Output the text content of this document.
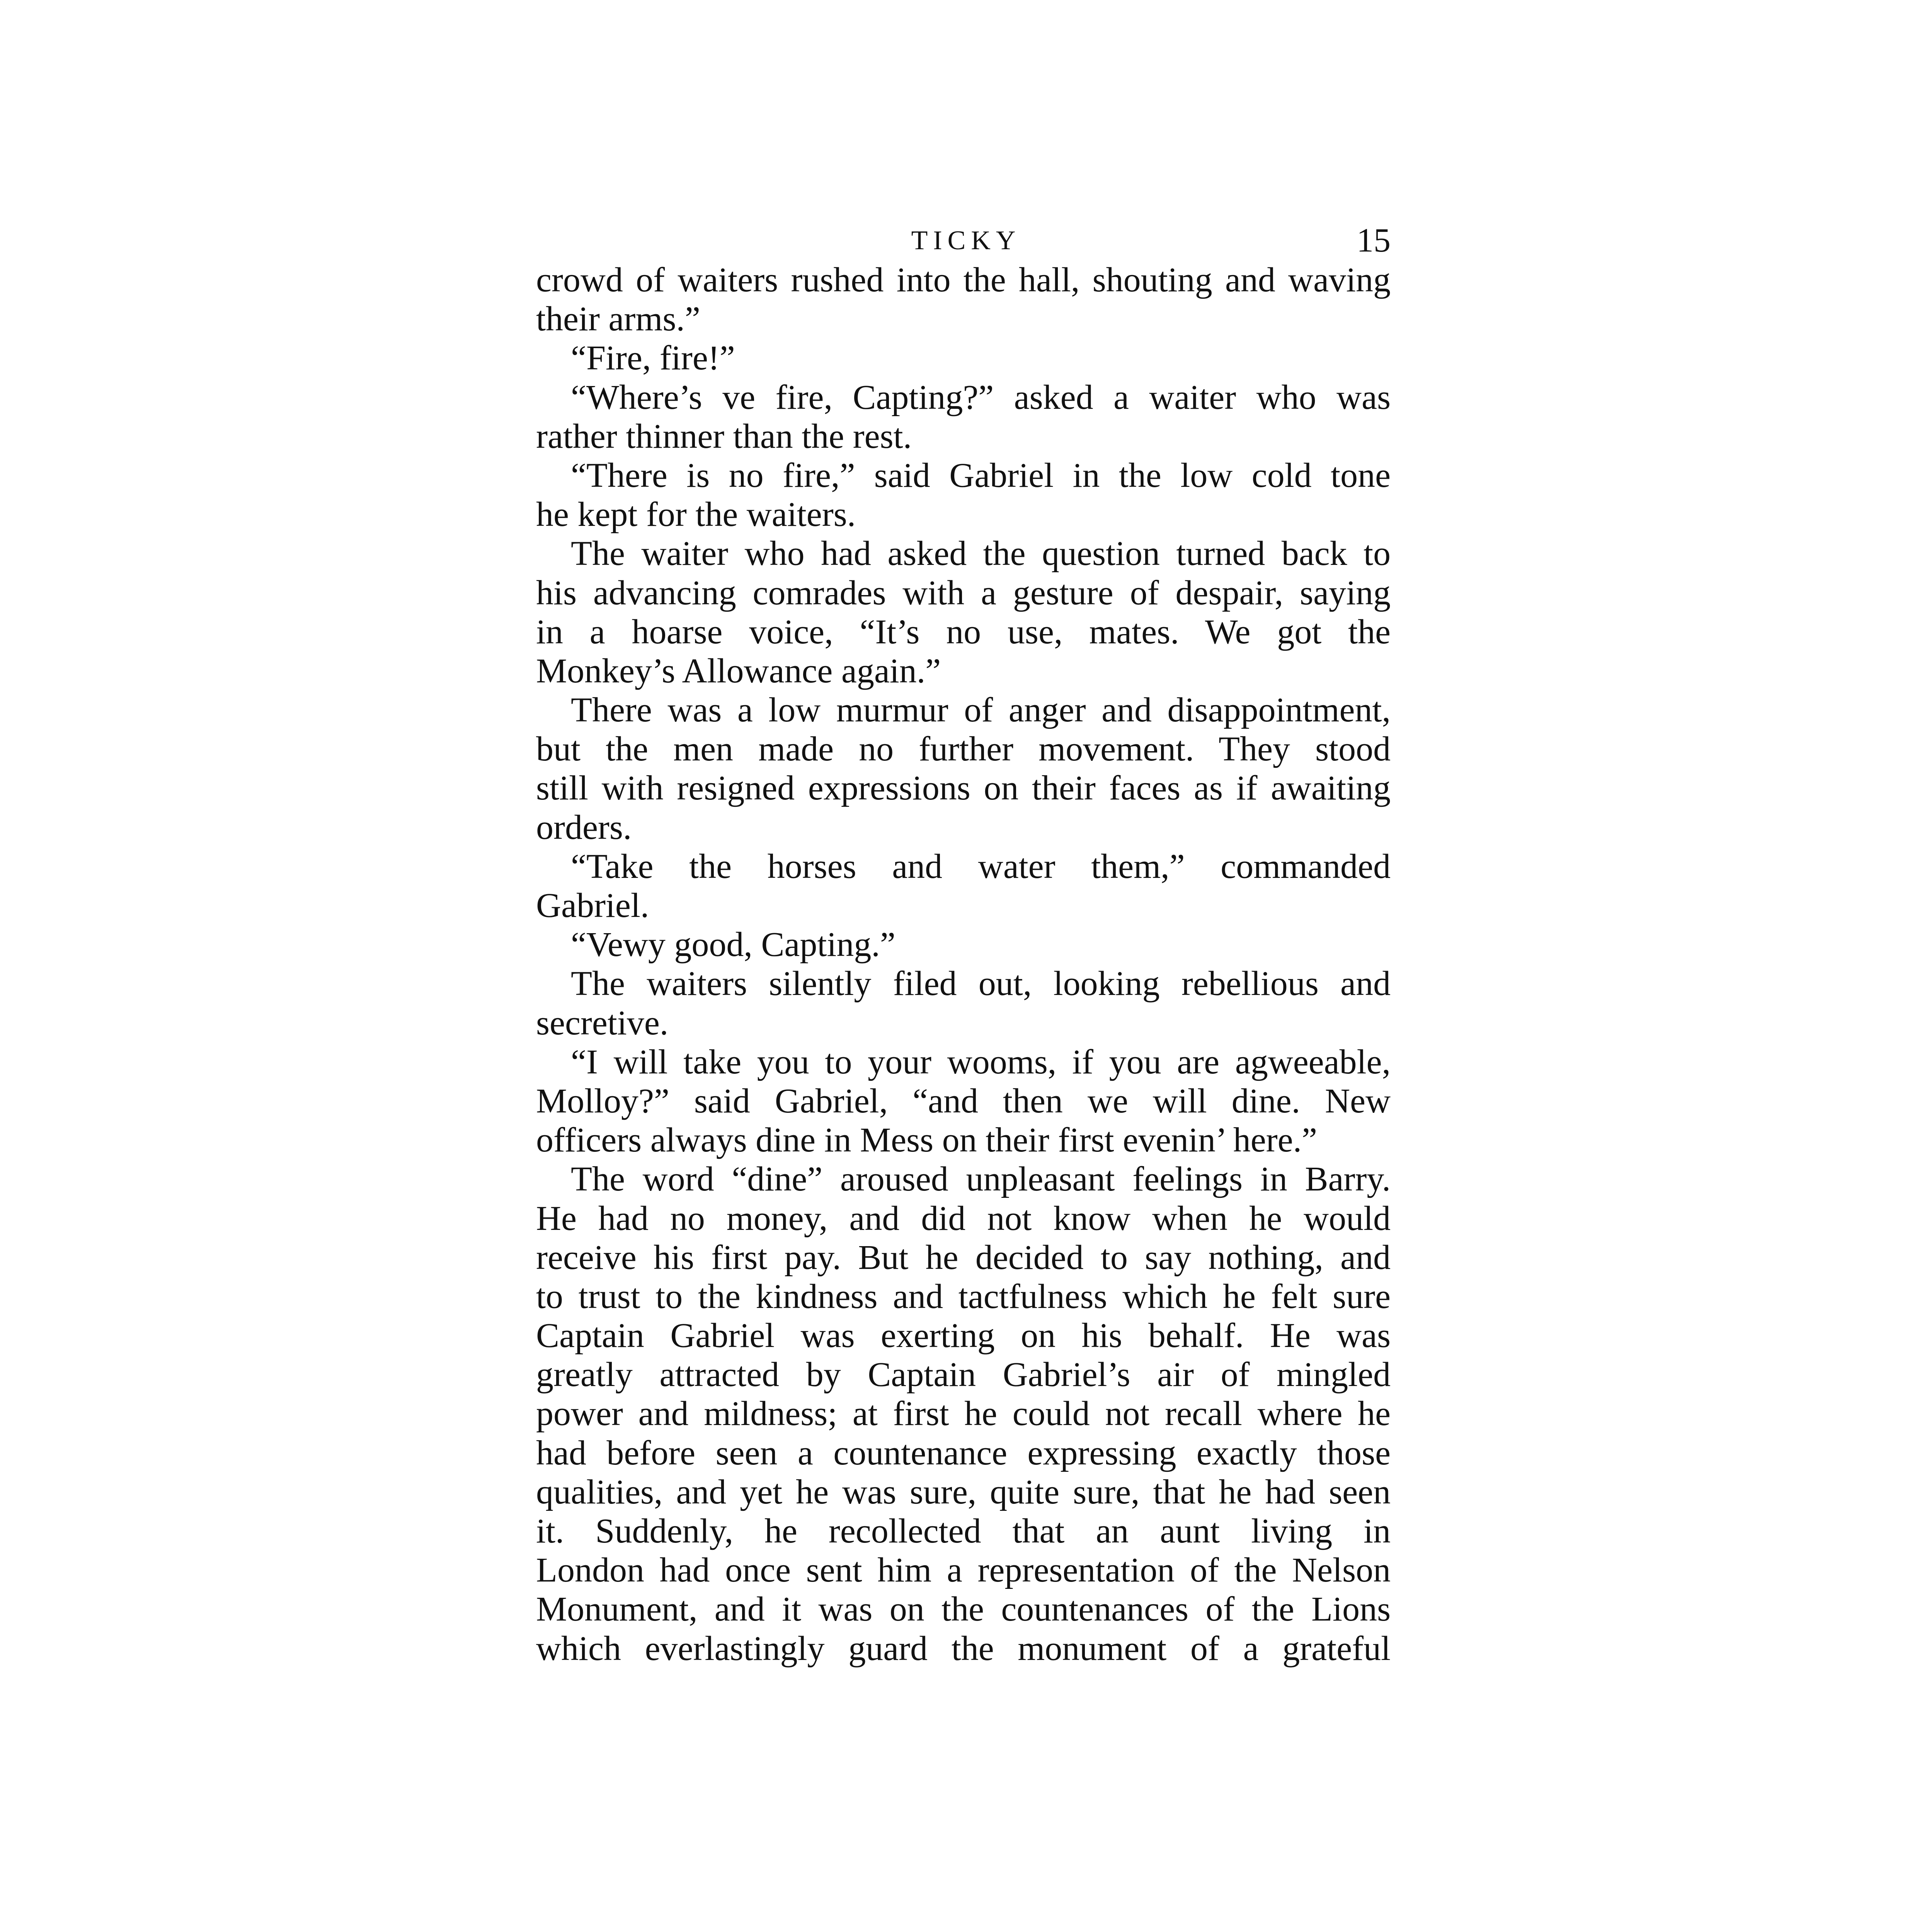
TICKY	15
crowd of waiters rushed into the hall, shouting and waving
their arms.”
“Fire, fire!”
“Where’s ve fire, Capting?” asked a waiter who was
rather thinner than the rest.
“There is no fire,” said Gabriel in the low cold tone
he kept for the waiters.
The waiter who had asked the question turned back to
his advancing comrades with a gesture of despair, saying
in a hoarse voice, “It’s no use, mates. We got the
Monkey’s Allowance again.”
There was a low murmur of anger and disappointment,
but the men made no further movement. They stood
still with resigned expressions on their faces as if awaiting
orders.
“Take the horses and water them,” commanded
Gabriel.
“Vewy good, Capting.”
The waiters silently filed out, looking rebellious and
secretive.
“I will take you to your wooms, if you are agweeable,
Molloy?” said Gabriel, “and then we will dine. New
officers always dine in Mess on their first evenin’ here.”
The word “dine” aroused unpleasant feelings in Barry.
He had no money, and did not know when he would
receive his first pay. But he decided to say nothing, and
to trust to the kindness and tactfulness which he felt sure
Captain Gabriel was exerting on his behalf. He was
greatly attracted by Captain Gabriel’s air of mingled
power and mildness; at first he could not recall where he
had before seen a countenance expressing exactly those
qualities, and yet he was sure, quite sure, that he had seen
it. Suddenly, he recollected that an aunt living in
London had once sent him a representation of the Nelson
Monument, and it was on the countenances of the Lions
which everlastingly guard the monument of a grateful
